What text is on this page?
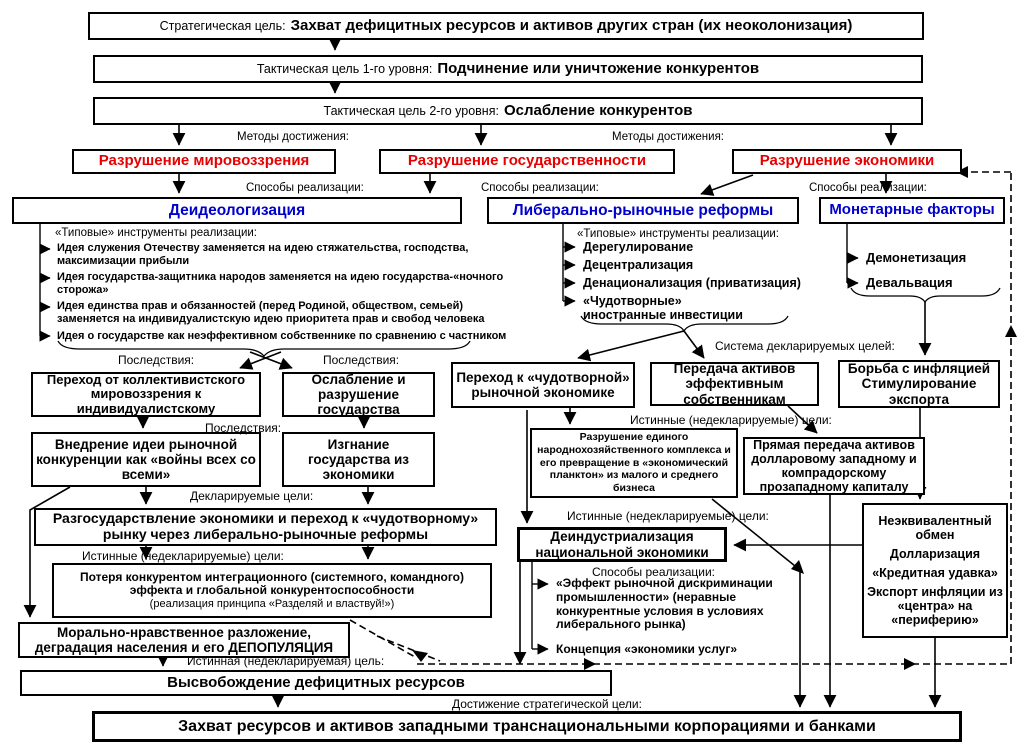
Стратегическая цель: Захват дефицитных ресурсов и активов других стран (их неоколонизация)
Тактическая цель 1-го уровня: Подчинение или уничтожение конкурентов
Тактическая цель 2-го уровня: Ослабление конкурентов
Методы достижения:	Методы достижения:
Разрушение мировоззрения	Разрушение государственности	Разрушение экономики
Способы реализации:	Способы реализации:	Способы реализации:
Деидеологизация	Либерально-рыночные реформы	Монетарные факторы
«Типовые» инструменты реализации:
Идея служения Отечеству заменяется на идею стяжательства, господства, максимизации прибыли
Идея государства-защитника народов заменяется на идею государства-«ночного сторожа»
Идея единства прав и обязанностей (перед Родиной, обществом, семьей) заменяется на индивидуалистскую идею приоритета прав и свобод человека
Идея о государстве как неэффективном собственнике по сравнению с частником
«Типовые» инструменты реализации:
Дерегулирование
Децентрализация
Денационализация (приватизация)
«Чудотворные» иностранные инвестиции
Демонетизация
Девальвация
Последствия:	Последствия:
Система декларируемых целей:
Переход от коллективистского мировоззрения к индивидуалистскому
Ослабление и разрушение государства
Переход к «чудотворной» рыночной экономике
Передача активов эффективным собственникам
Борьба с инфляцией
Стимулирование экспорта
Последствия:
Внедрение идеи рыночной конкуренции как «войны всех со всеми»
Изгнание государства из экономики
Истинные (недекларируемые) цели:
Разрушение единого народнохозяйственного комплекса и его превращение в «экономический планктон» из малого и среднего бизнеса
Прямая передача активов долларовому западному и компрадорскому прозападному капиталу
Декларируемые цели:
Разгосударствление экономики и переход к «чудотворному» рынку через либерально-рыночные реформы
Истинные (недекларируемые) цели:
Потеря конкурентом интеграционного (системного, командного) эффекта и глобальной конкурентоспособности
(реализация принципа «Разделяй и властвуй!»)
Истинные (недекларируемые) цели:
Деиндустриализация национальной экономики
Способы реализации:
«Эффект рыночной дискриминации промышленности» (неравные конкурентные условия в условиях либерального рынка)
Концепция «экономики услуг»
Неэквивалентный обмен
Долларизация
«Кредитная удавка»
Экспорт инфляции из «центра» на «периферию»
Морально-нравственное разложение, деградация населения и его ДЕПОПУЛЯЦИЯ
Истинная (недекларируемая) цель:
Высвобождение дефицитных ресурсов
Достижение стратегической цели:
Захват ресурсов и активов западными транснациональными корпорациями и банками
